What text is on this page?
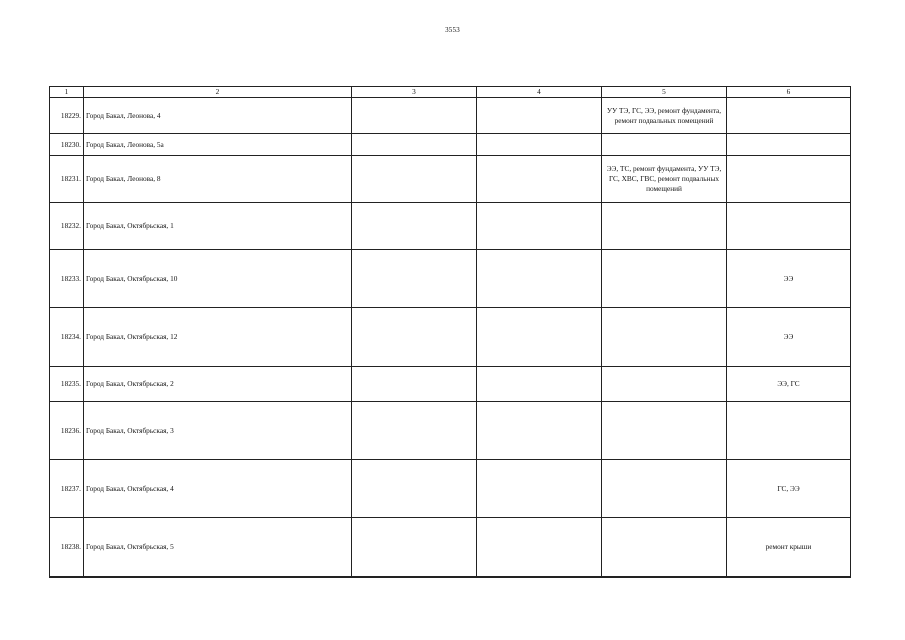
3553
1	2	3	4	5	6
18229.	Город Бакал, Леонова, 4			УУ ТЭ, ГС, ЭЭ, ремонт фундамента, ремонт подвальных помещений	
18230.	Город Бакал, Леонова, 5а				
18231.	Город Бакал, Леонова, 8			ЭЭ, ТС, ремонт фундамента, УУ ТЭ, ГС, ХВС, ГВС, ремонт подвальных помещений	
18232.	Город Бакал, Октябрьская, 1				
18233.	Город Бакал, Октябрьская, 10				ЭЭ
18234.	Город Бакал, Октябрьская, 12				ЭЭ
18235.	Город Бакал, Октябрьская, 2				ЭЭ, ГС
18236.	Город Бакал, Октябрьская, 3				
18237.	Город Бакал, Октябрьская, 4				ГС, ЭЭ
18238.	Город Бакал, Октябрьская, 5				ремонт крыши
